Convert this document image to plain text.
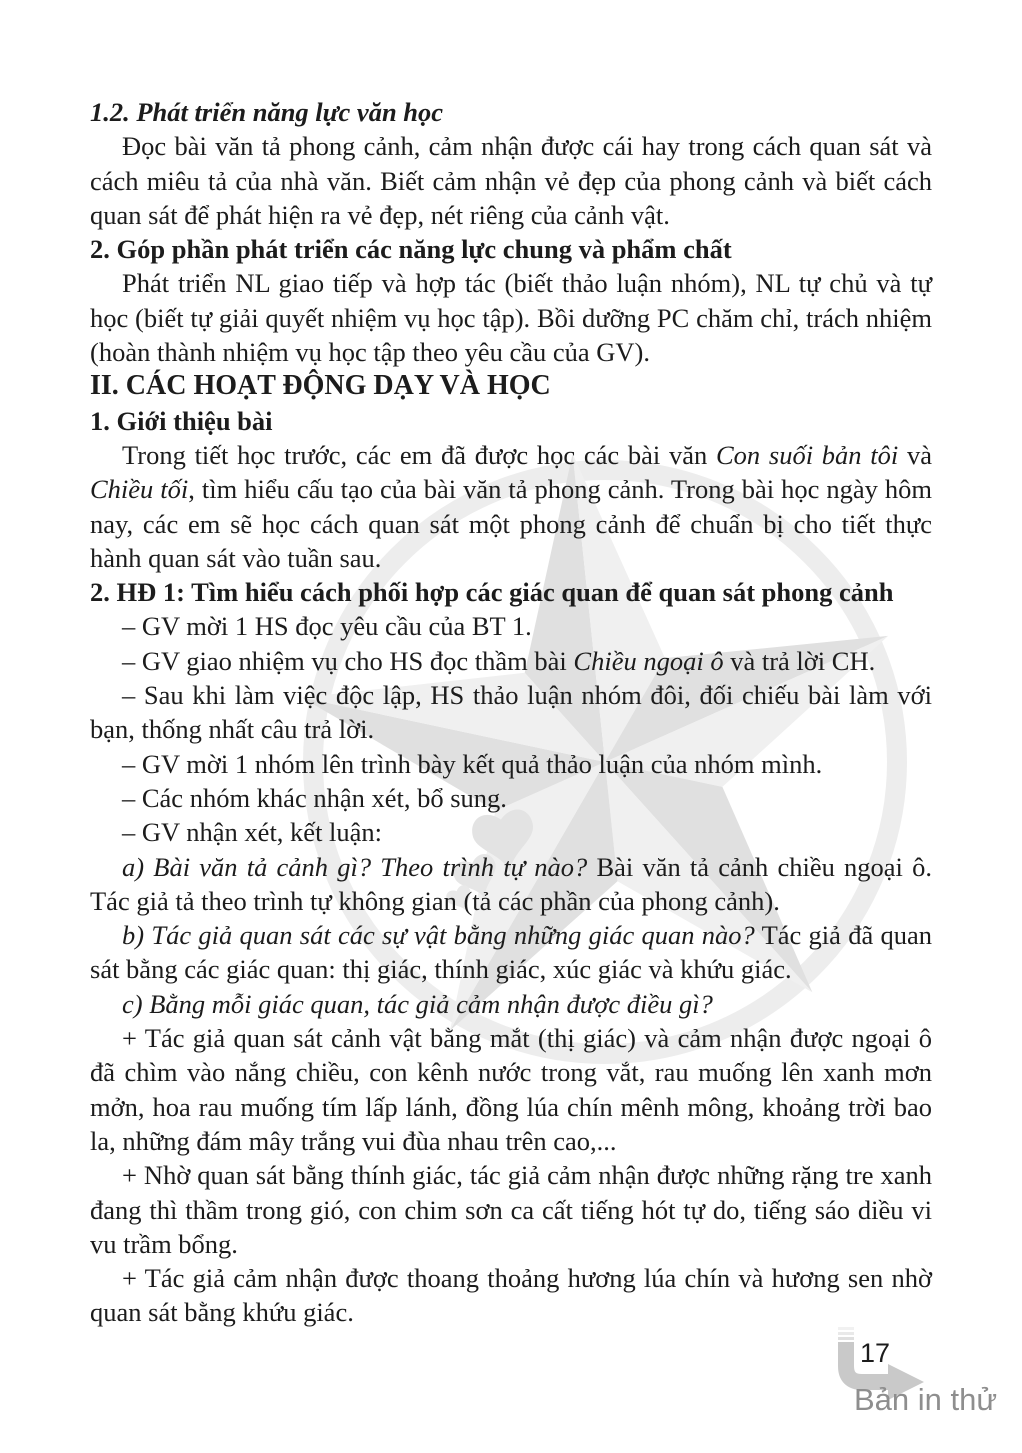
1.2. Phát triển năng lực văn học

Đọc bài văn tả phong cảnh, cảm nhận được cái hay trong cách quan sát và cách miêu tả của nhà văn. Biết cảm nhận vẻ đẹp của phong cảnh và biết cách quan sát để phát hiện ra vẻ đẹp, nét riêng của cảnh vật.

2. Góp phần phát triển các năng lực chung và phẩm chất

Phát triển NL giao tiếp và hợp tác (biết thảo luận nhóm), NL tự chủ và tự học (biết tự giải quyết nhiệm vụ học tập). Bồi dưỡng PC chăm chỉ, trách nhiệm (hoàn thành nhiệm vụ học tập theo yêu cầu của GV).

II. CÁC HOẠT ĐỘNG DẠY VÀ HỌC
1. Giới thiệu bài

Trong tiết học trước, các em đã được học các bài văn Con suối bản tôi và Chiều tối, tìm hiểu cấu tạo của bài văn tả phong cảnh. Trong bài học ngày hôm nay, các em sẽ học cách quan sát một phong cảnh để chuẩn bị cho tiết thực hành quan sát vào tuần sau.

2. HĐ 1: Tìm hiểu cách phối hợp các giác quan để quan sát phong cảnh

– GV mời 1 HS đọc yêu cầu của BT 1.

– GV giao nhiệm vụ cho HS đọc thầm bài Chiều ngoại ô và trả lời CH.

– Sau khi làm việc độc lập, HS thảo luận nhóm đôi, đối chiếu bài làm với bạn, thống nhất câu trả lời.

– GV mời 1 nhóm lên trình bày kết quả thảo luận của nhóm mình.

– Các nhóm khác nhận xét, bổ sung.

– GV nhận xét, kết luận:

a) Bài văn tả cảnh gì? Theo trình tự nào? Bài văn tả cảnh chiều ngoại ô. Tác giả tả theo trình tự không gian (tả các phần của phong cảnh).

b) Tác giả quan sát các sự vật bằng những giác quan nào? Tác giả đã quan sát bằng các giác quan: thị giác, thính giác, xúc giác và khứu giác.

c) Bằng mỗi giác quan, tác giả cảm nhận được điều gì?

+ Tác giả quan sát cảnh vật bằng mắt (thị giác) và cảm nhận được ngoại ô đã chìm vào nắng chiều, con kênh nước trong vắt, rau muống lên xanh mơn mởn, hoa rau muống tím lấp lánh, đồng lúa chín mênh mông, khoảng trời bao la, những đám mây trắng vui đùa nhau trên cao,...

+ Nhờ quan sát bằng thính giác, tác giả cảm nhận được những rặng tre xanh đang thì thầm trong gió, con chim sơn ca cất tiếng hót tự do, tiếng sáo diều vi vu trầm bổng.

+ Tác giả cảm nhận được thoang thoảng hương lúa chín và hương sen nhờ quan sát bằng khứu giác.

17
Bản in thử
